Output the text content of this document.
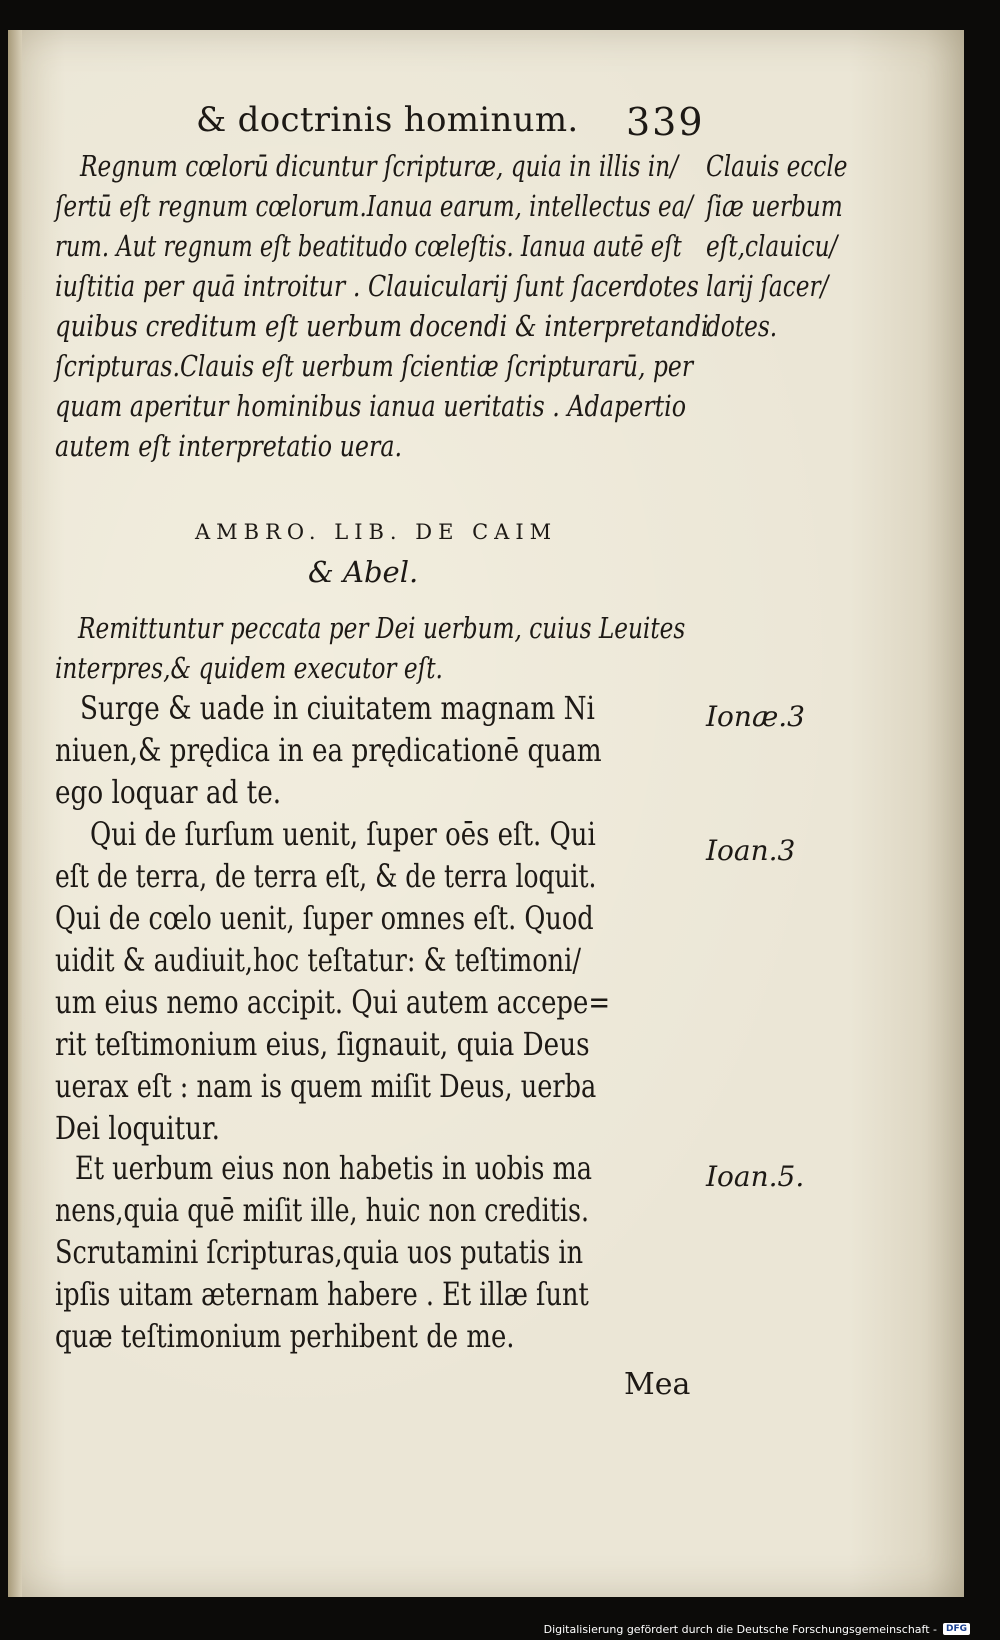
& doctrinis hominum. 339
Regnum cœlorū dicuntur ſcripturæ, quia in illis in/
ſertū eſt regnum cœlorum.Ianua earum, intellectus ea/
rum. Aut regnum eſt beatitudo cœleſtis. Ianua autē eſt
iuſtitia per quā introitur . Clauicularij ſunt ſacerdotes
quibus creditum eſt uerbum docendi & interpretandi
ſcripturas.Clauis eſt uerbum ſcientiæ ſcripturarū, per
quam aperitur hominibus ianua ueritatis . Adapertio
autem eſt interpretatio uera.
Clauis eccle
ſiæ uerbum
eſt,clauicu/
larij ſacer/
dotes.
AMBRO. LIB. DE CAIM
& Abel.
Remittuntur peccata per Dei uerbum, cuius Leuites
interpres,& quidem executor eſt.
Surge & uade in ciuitatem magnam Ni
niuen,& prędica in ea prędicationē quam
ego loquar ad te.
Ionæ.3
Qui de ſurſum uenit, ſuper oēs eſt. Qui
eſt de terra, de terra eſt, & de terra loquit.
Qui de cœlo uenit, ſuper omnes eſt. Quod
uidit & audiuit,hoc teſtatur: & teſtimoni/
um eius nemo accipit. Qui autem accepe=
rit teſtimonium eius, ſignauit, quia Deus
uerax eſt : nam is quem miſit Deus, uerba
Dei loquitur.
Ioan.3
Et uerbum eius non habetis in uobis ma
nens,quia quē miſit ille, huic non creditis.
Scrutamini ſcripturas,quia uos putatis in
ipſis uitam æternam habere . Et illæ ſunt
quæ teſtimonium perhibent de me.
Ioan.5.
Mea
Digitalisierung gefördert durch die Deutsche Forschungsgemeinschaft -	DFG
